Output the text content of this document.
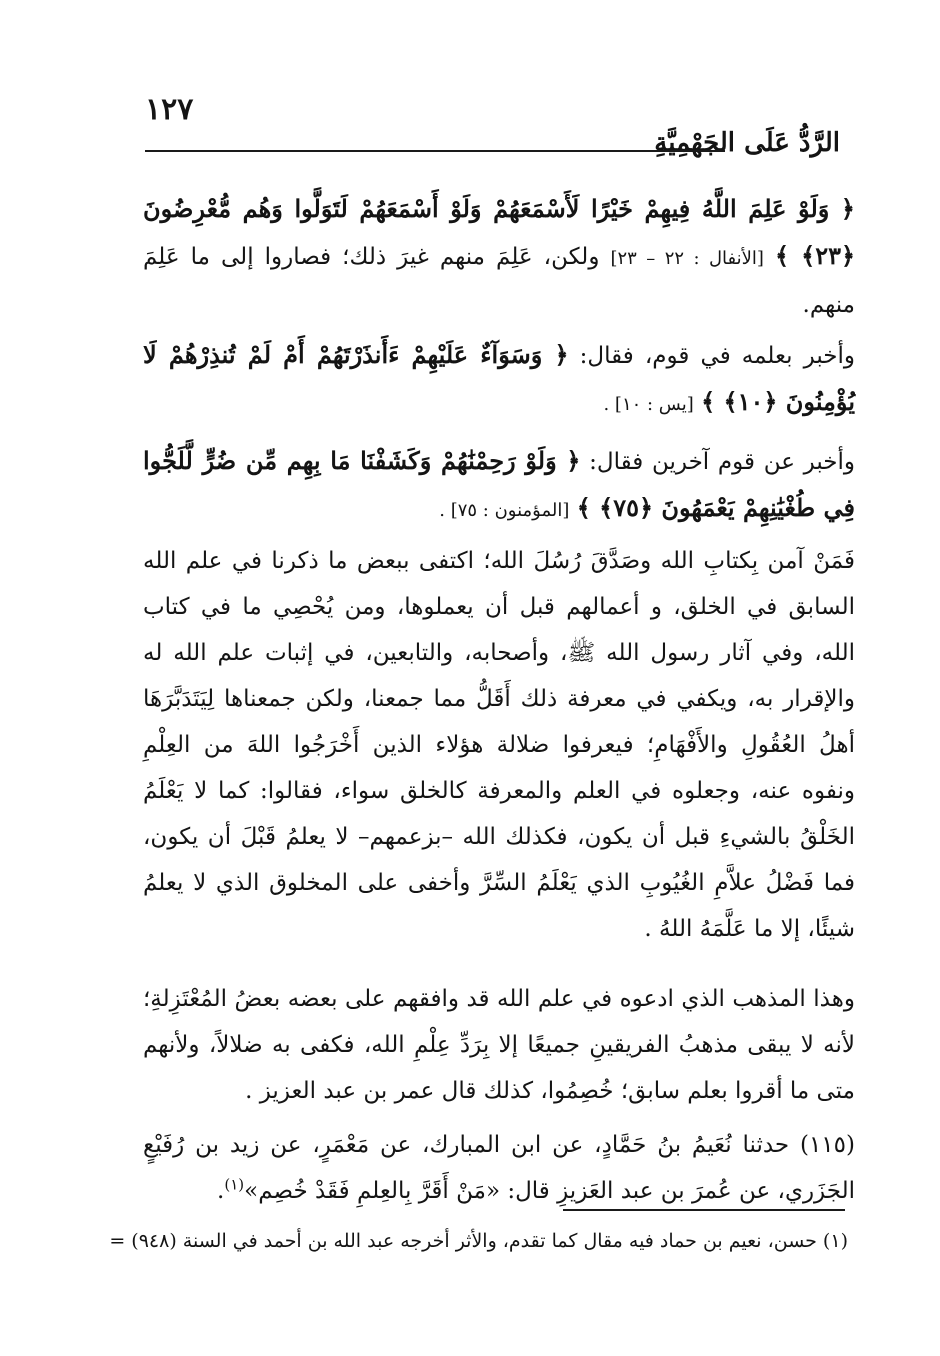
١٢٧
الرَّدُّ عَلَى الجَهْمِيَّةِ

﴿ وَلَوْ عَلِمَ اللَّهُ فِيهِمْ خَيْرًا لَأَسْمَعَهُمْ وَلَوْ أَسْمَعَهُمْ لَتَوَلَّوا وَهُم مُّعْرِضُونَ ﴿٢٣﴾ ﴾ [الأنفال : ٢٢ – ٢٣] ولكن، عَلِمَ منهم غيرَ ذلك؛ فصاروا إلى ما عَلِمَ منهم.

وأخبر بعلمه في قوم، فقال: ﴿ وَسَوَآءٌ عَلَيْهِمْ ءَأَنذَرْتَهُمْ أَمْ لَمْ تُنذِرْهُمْ لَا يُؤْمِنُونَ ﴿١٠﴾ ﴾ [يس : ١٠] .

وأخبر عن قوم آخرين فقال: ﴿ وَلَوْ رَحِمْنَٰهُمْ وَكَشَفْنَا مَا بِهِم مِّن ضُرٍّ لَّلَجُّوا فِي طُغْيَٰنِهِمْ يَعْمَهُونَ ﴿٧٥﴾ ﴾ [المؤمنون : ٧٥] .

فَمَنْ آمن بِكتابِ الله وصَدَّقَ رُسُلَ الله؛ اكتفى ببعض ما ذكرنا في علم الله السابق في الخلق، و أعمالهم قبل أن يعملوها، ومن يُحْصِي ما في كتاب الله، وفي آثار رسول الله ﷺ، وأصحابه، والتابعين، في إثبات علم الله له والإقرار به، ويكفي في معرفة ذلك أَقَلُّ مما جمعنا، ولكن جمعناها لِيَتَدَبَّرَهَا أهلُ العُقُولِ والأَفْهَامِ؛ فيعرفوا ضلالة هؤلاء الذين أَخْرَجُوا اللهَ من العِلْمِ ونفوه عنه، وجعلوه في العلم والمعرفة كالخلق سواء، فقالوا: كما لا يَعْلَمُ الخَلْقُ بالشيءِ قبل أن يكون، فكذلك الله –بزعمهم– لا يعلمُ قَبْلَ أن يكون، فما فَضْلُ علاَّمِ الغُيُوبِ الذي يَعْلَمُ السِّرَّ وأخفى على المخلوق الذي لا يعلمُ شيئًا، إلا ما عَلَّمَهُ اللهُ .

وهذا المذهب الذي ادعوه في علم الله قد وافقهم على بعضه بعضُ المُعْتَزِلةِ؛ لأنه لا يبقى مذهبُ الفريقينِ جميعًا إلا بِرَدِّ عِلْمِ الله، فكفى به ضلالاً، ولأنهم متى ما أقروا بعلم سابق؛ خُصِمُوا، كذلك قال عمر بن عبد العزيز .

(١١٥) حدثنا نُعَيمُ بنُ حَمَّادٍ، عن ابن المبارك، عن مَعْمَرٍ، عن زيد بن رُفَيْعٍ الجَزَري، عن عُمرَ بن عبد العَزيزِ قال: «مَنْ أَقَرَّ بِالعِلمِ فَقَدْ خُصِم»$^{(١)}$.

(١) حسن، نعيم بن حماد فيه مقال كما تقدم، والأثر أخرجه عبد الله بن أحمد في السنة (٩٤٨) =
